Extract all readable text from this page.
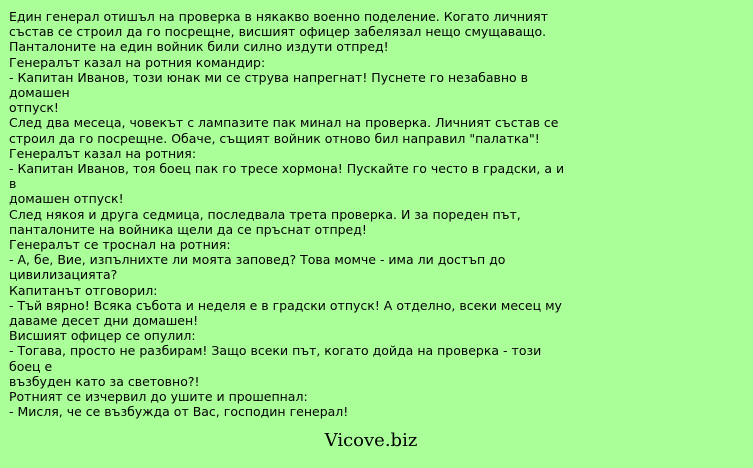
Един генерал отишъл на проверка в някакво военно поделение. Когато личният
състав се строил да го посрещне, висшият офицер забелязал нещо смущаващо.
Панталоните на един войник били силно издути отпред!
Генералът казал на ротния командир:
- Капитан Иванов, този юнак ми се струва напрегнат! Пуснете го незабавно в домашен
отпуск!
След два месеца, човекът с лампазите пак минал на проверка. Личният състав се
строил да го посрещне. Обаче, същият войник отново бил направил "палатка"!
Генералът казал на ротния:
- Капитан Иванов, тоя боец пак го тресе хормона! Пускайте го често в градски, а и в
домашен отпуск!
След някоя и друга седмица, последвала трета проверка. И за пореден път,
панталоните на войника щели да се пръснат отпред!
Генералът се троснал на ротния:
- А, бе, Вие, изпълнихте ли моята заповед? Това момче - има ли достъп до
цивилизацията?
Капитанът отговорил:
- Тъй вярно! Всяка събота и неделя е в градски отпуск! А отделно, всеки месец му
даваме десет дни домашен!
Висшият офицер се опулил:
- Тогава, просто не разбирам! Защо всеки път, когато дойда на проверка - този боец е
възбуден като за световно?!
Ротният се изчервил до ушите и прошепнал:
- Мисля, че се възбужда от Вас, господин генерал!

Vicove.biz
